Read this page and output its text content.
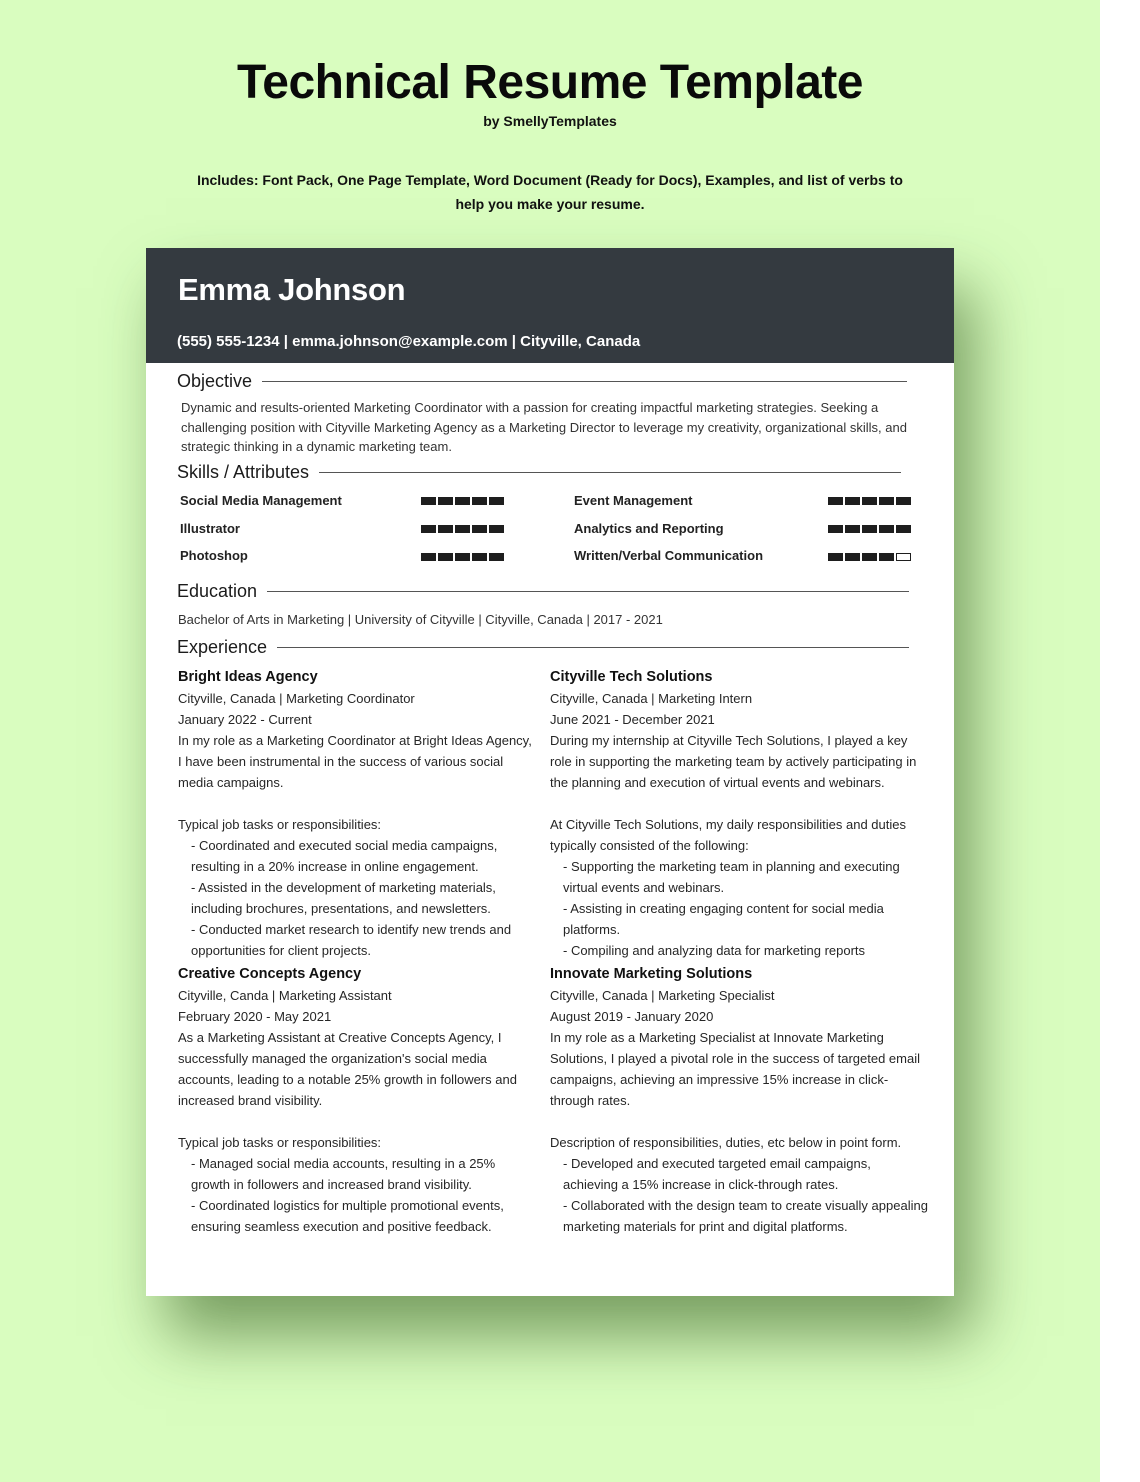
Technical Resume Template
by SmellyTemplates
Includes: Font Pack, One Page Template, Word Document (Ready for Docs), Examples, and list of verbs to help you make your resume.
Emma Johnson
(555) 555-1234 | emma.johnson@example.com | Cityville, Canada
Objective
Dynamic and results-oriented Marketing Coordinator with a passion for creating impactful marketing strategies. Seeking a challenging position with Cityville Marketing Agency as a Marketing Director to leverage my creativity, organizational skills, and strategic thinking in a dynamic marketing team.
Skills / Attributes
Social Media Management	Event Management
Illustrator	Analytics and Reporting
Photoshop	Written/Verbal Communication
Education
Bachelor of Arts in Marketing | University of Cityville | Cityville, Canada | 2017 - 2021
Experience
Bright Ideas Agency
Cityville, Canada | Marketing Coordinator
January 2022 - Current
In my role as a Marketing Coordinator at Bright Ideas Agency, I have been instrumental in the success of various social media campaigns.
Typical job tasks or responsibilities:
- Coordinated and executed social media campaigns, resulting in a 20% increase in online engagement.
- Assisted in the development of marketing materials, including brochures, presentations, and newsletters.
- Conducted market research to identify new trends and opportunities for client projects.
Creative Concepts Agency
Cityville, Canda | Marketing Assistant
February 2020 - May 2021
As a Marketing Assistant at Creative Concepts Agency, I successfully managed the organization's social media accounts, leading to a notable 25% growth in followers and increased brand visibility.
Typical job tasks or responsibilities:
- Managed social media accounts, resulting in a 25% growth in followers and increased brand visibility.
- Coordinated logistics for multiple promotional events, ensuring seamless execution and positive feedback.
Cityville Tech Solutions
Cityville, Canada | Marketing Intern
June 2021 - December 2021
During my internship at Cityville Tech Solutions, I played a key role in supporting the marketing team by actively participating in the planning and execution of virtual events and webinars.
At Cityville Tech Solutions, my daily responsibilities and duties typically consisted of the following:
- Supporting the marketing team in planning and executing virtual events and webinars.
- Assisting in creating engaging content for social media platforms.
- Compiling and analyzing data for marketing reports
Innovate Marketing Solutions
Cityville, Canada | Marketing Specialist
August 2019 - January 2020
In my role as a Marketing Specialist at Innovate Marketing Solutions, I played a pivotal role in the success of targeted email campaigns, achieving an impressive 15% increase in click-through rates.
Description of responsibilities, duties, etc below in point form.
- Developed and executed targeted email campaigns, achieving a 15% increase in click-through rates.
- Collaborated with the design team to create visually appealing marketing materials for print and digital platforms.
